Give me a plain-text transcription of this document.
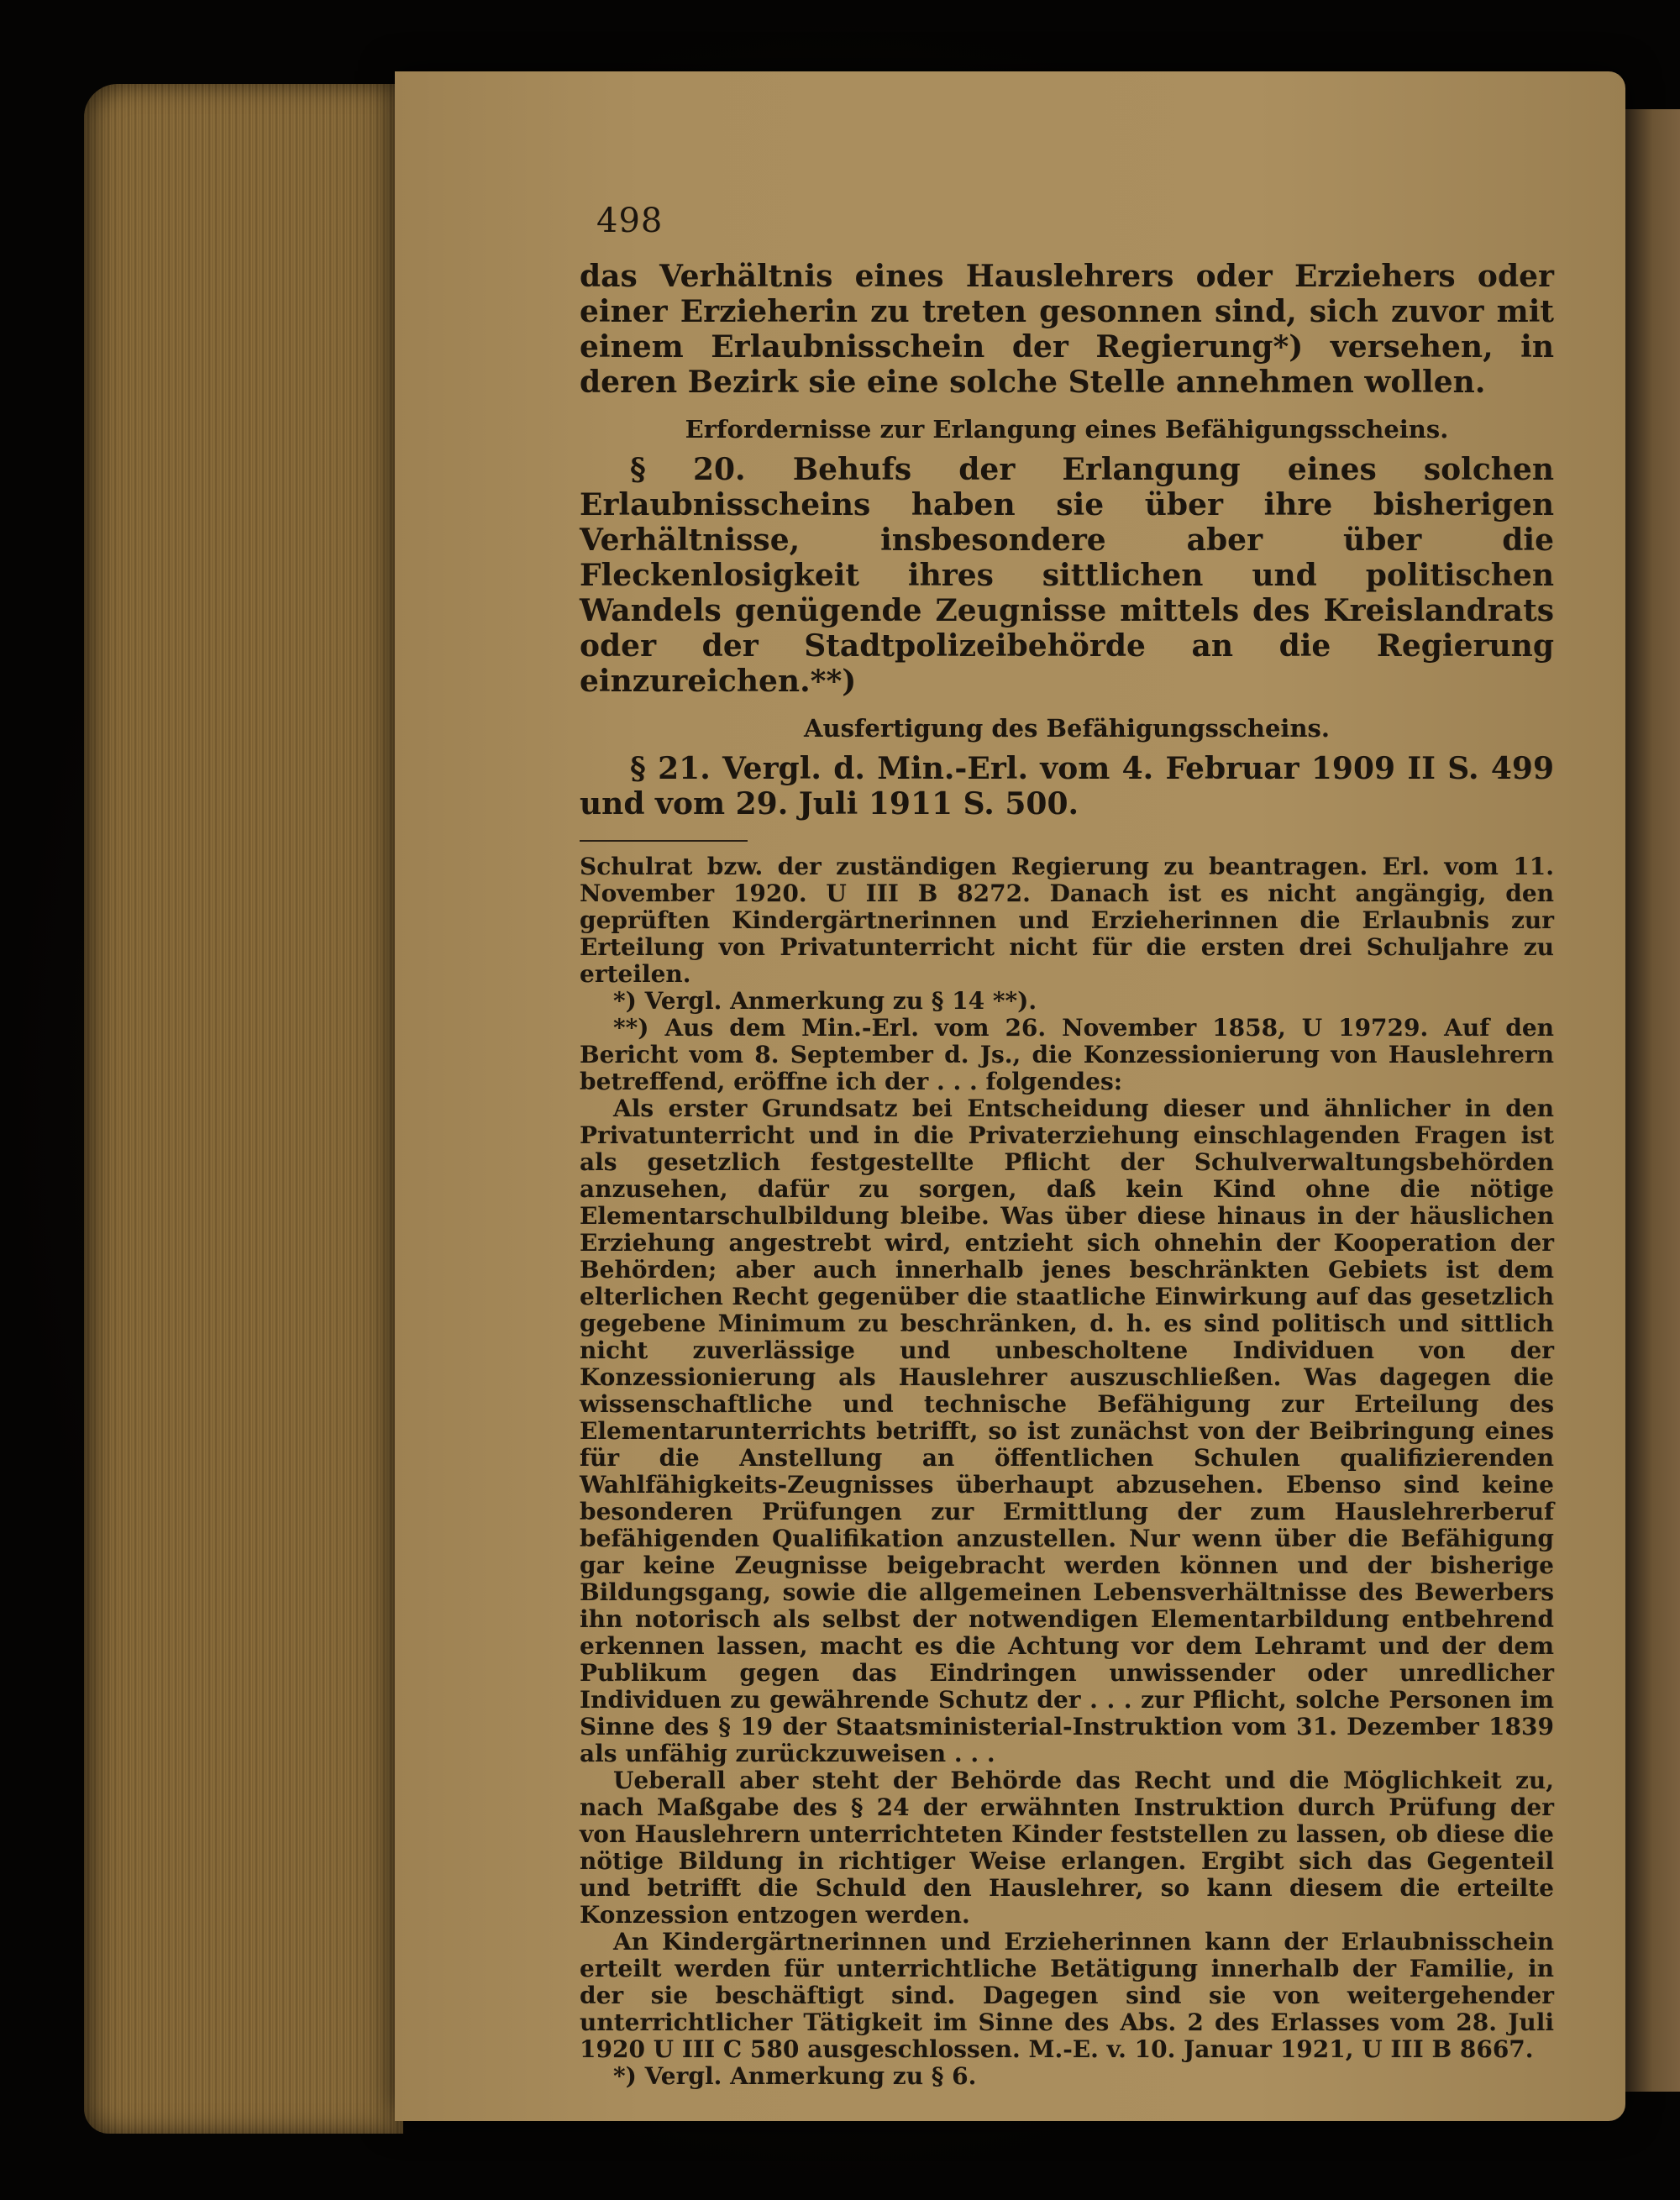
498

das Verhältnis eines Hauslehrers oder Erziehers oder einer Erzieherin zu treten gesonnen sind, sich zuvor mit einem Erlaubnisschein der Regierung*) versehen, in deren Bezirk sie eine solche Stelle annehmen wollen.

Erfordernisse zur Erlangung eines Befähigungsscheins.

§ 20. Behufs der Erlangung eines solchen Erlaubnisscheins haben sie über ihre bisherigen Verhältnisse, insbesondere aber über die Fleckenlosigkeit ihres sittlichen und politischen Wandels genügende Zeugnisse mittels des Kreislandrats oder der Stadtpolizeibehörde an die Regierung einzureichen.**)

Ausfertigung des Befähigungsscheins.

§ 21. Vergl. d. Min.-Erl. vom 4. Februar 1909 II S. 499 und vom 29. Juli 1911 S. 500.

Schulrat bzw. der zuständigen Regierung zu beantragen. Erl. vom 11. November 1920. U III B 8272. Danach ist es nicht angängig, den geprüften Kindergärtnerinnen und Erzieherinnen die Erlaubnis zur Erteilung von Privatunterricht nicht für die ersten drei Schuljahre zu erteilen.

*) Vergl. Anmerkung zu § 14 **).

**) Aus dem Min.-Erl. vom 26. November 1858, U 19729. Auf den Bericht vom 8. September d. Js., die Konzessionierung von Hauslehrern betreffend, eröffne ich der . . . folgendes:

Als erster Grundsatz bei Entscheidung dieser und ähnlicher in den Privatunterricht und in die Privaterziehung einschlagenden Fragen ist als gesetzlich festgestellte Pflicht der Schulverwaltungsbehörden anzusehen, dafür zu sorgen, daß kein Kind ohne die nötige Elementarschulbildung bleibe. Was über diese hinaus in der häuslichen Erziehung angestrebt wird, entzieht sich ohnehin der Kooperation der Behörden; aber auch innerhalb jenes beschränkten Gebiets ist dem elterlichen Recht gegenüber die staatliche Einwirkung auf das gesetzlich gegebene Minimum zu beschränken, d. h. es sind politisch und sittlich nicht zuverlässige und unbescholtene Individuen von der Konzessionierung als Hauslehrer auszuschließen. Was dagegen die wissenschaftliche und technische Befähigung zur Erteilung des Elementarunterrichts betrifft, so ist zunächst von der Beibringung eines für die Anstellung an öffentlichen Schulen qualifizierenden Wahlfähigkeits-Zeugnisses überhaupt abzusehen. Ebenso sind keine besonderen Prüfungen zur Ermittlung der zum Hauslehrerberuf befähigenden Qualifikation anzustellen. Nur wenn über die Befähigung gar keine Zeugnisse beigebracht werden können und der bisherige Bildungsgang, sowie die allgemeinen Lebensverhältnisse des Bewerbers ihn notorisch als selbst der notwendigen Elementarbildung entbehrend erkennen lassen, macht es die Achtung vor dem Lehramt und der dem Publikum gegen das Eindringen unwissender oder unredlicher Individuen zu gewährende Schutz der . . . zur Pflicht, solche Personen im Sinne des § 19 der Staatsministerial-Instruktion vom 31. Dezember 1839 als unfähig zurückzuweisen . . .

Ueberall aber steht der Behörde das Recht und die Möglichkeit zu, nach Maßgabe des § 24 der erwähnten Instruktion durch Prüfung der von Hauslehrern unterrichteten Kinder feststellen zu lassen, ob diese die nötige Bildung in richtiger Weise erlangen. Ergibt sich das Gegenteil und betrifft die Schuld den Hauslehrer, so kann diesem die erteilte Konzession entzogen werden.

An Kindergärtnerinnen und Erzieherinnen kann der Erlaubnisschein erteilt werden für unterrichtliche Betätigung innerhalb der Familie, in der sie beschäftigt sind. Dagegen sind sie von weitergehender unterrichtlicher Tätigkeit im Sinne des Abs. 2 des Erlasses vom 28. Juli 1920 U III C 580 ausgeschlossen. M.-E. v. 10. Januar 1921, U III B 8667.

*) Vergl. Anmerkung zu § 6.
